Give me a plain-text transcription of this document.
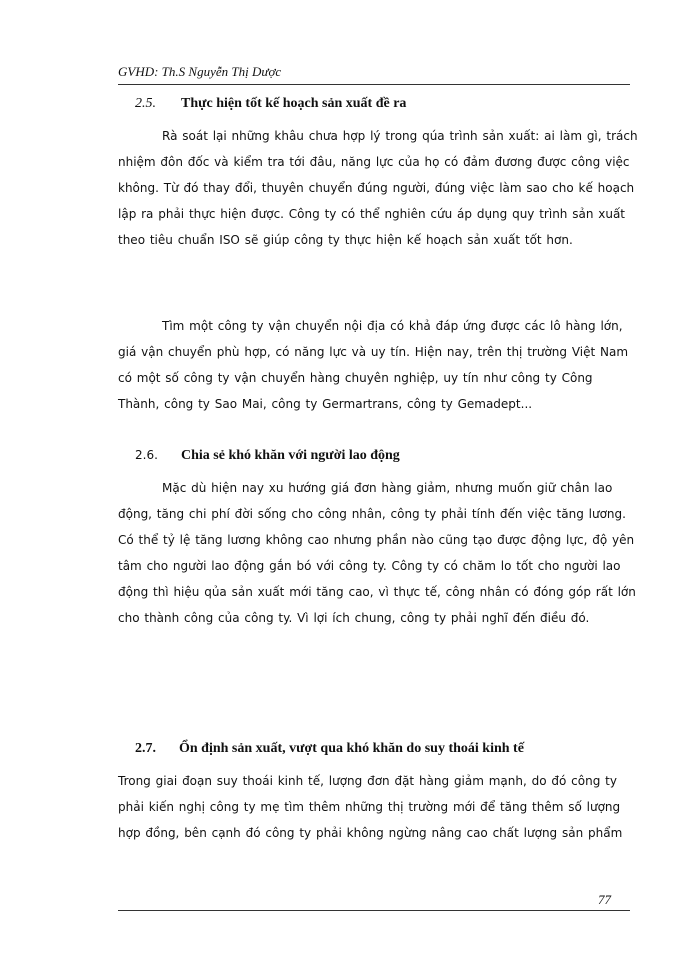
GVHD: Th.S Nguyễn Thị Dược
2.5. Thực hiện tốt kế hoạch sản xuất đề ra
Rà soát lại những khâu chưa hợp lý trong qúa trình sản xuất: ai làm gì, trách nhiệm đôn đốc và kiểm tra tới đâu, năng lực của họ có đảm đương được công việc không. Từ đó thay đổi, thuyên chuyển đúng người, đúng việc làm sao cho kế hoạch lập ra phải thực hiện được. Công ty có thể nghiên cứu áp dụng quy trình sản xuất theo tiêu chuẩn ISO sẽ giúp công ty thực hiện kế hoạch sản xuất tốt hơn.
Tìm một công ty vận chuyển nội địa có khả đáp ứng được các lô hàng lớn, giá vận chuyển phù hợp, có năng lực và uy tín. Hiện nay, trên thị trường Việt Nam có một số công ty vận chuyển hàng chuyên nghiệp, uy tín như công ty Công Thành, công ty Sao Mai, công ty Germartrans, công ty Gemadept...
2.6. Chia sẻ khó khăn với người lao động
Mặc dù hiện nay xu hướng giá đơn hàng giảm, nhưng muốn giữ chân lao động, tăng chi phí đời sống cho công nhân, công ty phải tính đến việc tăng lương. Có thể tỷ lệ tăng lương không cao nhưng phần nào cũng tạo được động lực, độ yên tâm cho người lao động gắn bó với công ty. Công ty có chăm lo tốt cho người lao động thì hiệu qủa sản xuất mới tăng cao, vì thực tế, công nhân có đóng góp rất lớn cho thành công của công ty. Vì lợi ích chung, công ty phải nghĩ đến điều đó.
2.7. Ổn định sản xuất, vượt qua khó khăn do suy thoái kinh tế
Trong giai đoạn suy thoái kinh tế, lượng đơn đặt hàng giảm mạnh, do đó công ty phải kiến nghị công ty mẹ tìm thêm những thị trường mới để tăng thêm số lượng hợp đồng, bên cạnh đó công ty phải không ngừng nâng cao chất lượng sản phẩm
77
